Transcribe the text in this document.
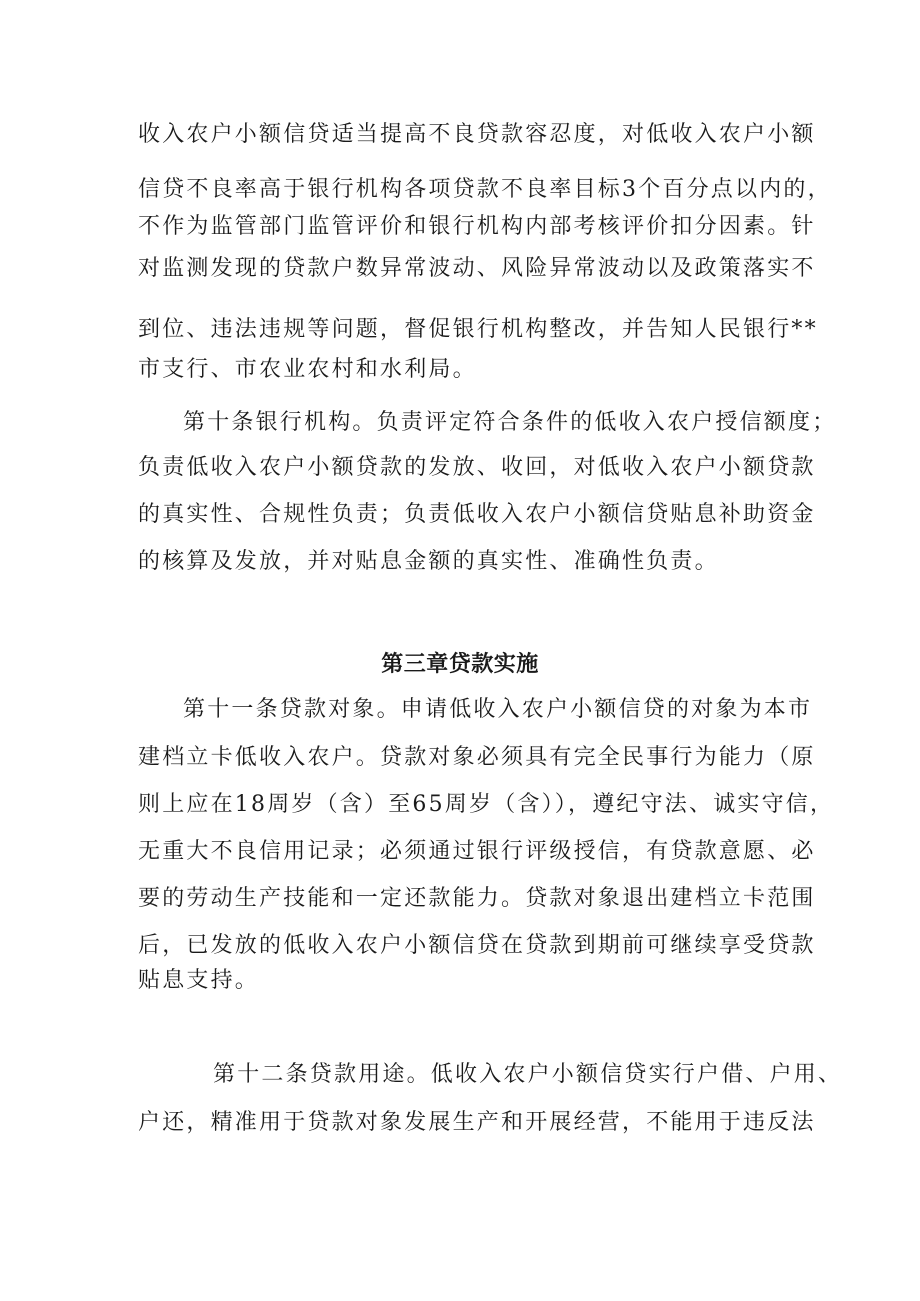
收入农户小额信贷适当提高不良贷款容忍度，对低收入农户小额
信贷不良率高于银行机构各项贷款不良率目标3个百分点以内的，
不作为监管部门监管评价和银行机构内部考核评价扣分因素。针
对监测发现的贷款户数异常波动、风险异常波动以及政策落实不
到位、违法违规等问题，督促银行机构整改，并告知人民银行**
市支行、市农业农村和水利局。
第十条银行机构。负责评定符合条件的低收入农户授信额度；
负责低收入农户小额贷款的发放、收回，对低收入农户小额贷款
的真实性、合规性负责；负责低收入农户小额信贷贴息补助资金
的核算及发放，并对贴息金额的真实性、准确性负责。
第三章贷款实施
第十一条贷款对象。申请低收入农户小额信贷的对象为本市
建档立卡低收入农户。贷款对象必须具有完全民事行为能力（原
则上应在18周岁（含）至65周岁（含）），遵纪守法、诚实守信，
无重大不良信用记录；必须通过银行评级授信，有贷款意愿、必
要的劳动生产技能和一定还款能力。贷款对象退出建档立卡范围
后，已发放的低收入农户小额信贷在贷款到期前可继续享受贷款
贴息支持。
第十二条贷款用途。低收入农户小额信贷实行户借、户用、
户还，精准用于贷款对象发展生产和开展经营，不能用于违反法
